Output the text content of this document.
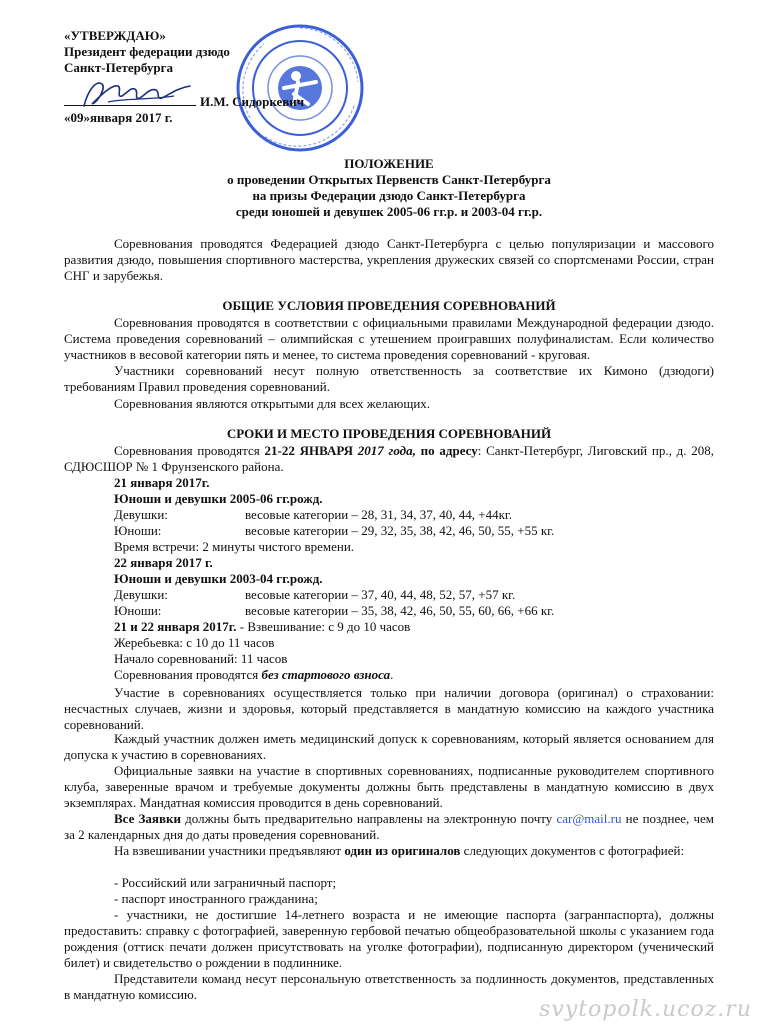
«УТВЕРЖДАЮ»
Президент федерации дзюдо
Санкт-Петербурга
И.М. Сидоркевич
«09»января 2017 г.
ПОЛОЖЕНИЕ
о проведении Открытых Первенств Санкт-Петербурга
на призы Федерации дзюдо Санкт-Петербурга
среди юношей и девушек 2005-06 гг.р. и 2003-04 гг.р.

Соревнования проводятся Федерацией дзюдо Санкт-Петербурга с целью популяризации и массового развития дзюдо, повышения спортивного мастерства, укрепления дружеских связей со спортсменами России, стран СНГ и зарубежья.

ОБЩИЕ УСЛОВИЯ ПРОВЕДЕНИЯ СОРЕВНОВАНИЙ

Соревнования проводятся в соответствии с официальными правилами Международной федерации дзюдо. Система проведения соревнований – олимпийская с утешением проигравших полуфиналистам. Если количество участников в весовой категории пять и менее, то система проведения соревнований - круговая.

Участники соревнований несут полную ответственность за соответствие их Кимоно (дзюдоги) требованиям Правил проведения соревнований.

Соревнования являются открытыми для всех желающих.

СРОКИ И МЕСТО ПРОВЕДЕНИЯ СОРЕВНОВАНИЙ

Соревнования проводятся 21-22 ЯНВАРЯ 2017 года, по адресу: Санкт-Петербург, Лиговский пр., д. 208, СДЮСШОР № 1 Фрунзенского района.

21 января 2017г.
Юноши и девушки 2005-06 гг.рожд.
Девушки:	весовые категории – 28, 31, 34, 37, 40, 44, +44кг.
Юноши:	весовые категории – 29, 32, 35, 38, 42, 46, 50, 55, +55 кг.
Время встречи: 2 минуты чистого времени.
22 января 2017 г.
Юноши и девушки 2003-04 гг.рожд.
Девушки:	весовые категории – 37, 40, 44, 48, 52, 57, +57 кг.
Юноши:	весовые категории – 35, 38, 42, 46, 50, 55, 60, 66, +66 кг.
21 и 22 января 2017г. - Взвешивание: с 9 до 10 часов
Жеребьевка: с 10 до 11 часов
Начало соревнований: 11 часов
Соревнования проводятся без стартового взноса.

Участие в соревнованиях осуществляется только при наличии договора (оригинал) о страховании: несчастных случаев, жизни и здоровья, который представляется в мандатную комиссию на каждого участника соревнований.

Каждый участник должен иметь медицинский допуск к соревнованиям, который является основанием для допуска к участию в соревнованиях.

Официальные заявки на участие в спортивных соревнованиях, подписанные руководителем спортивного клуба, заверенные врачом и требуемые документы должны быть представлены в мандатную комиссию в двух экземплярах. Мандатная комиссия проводится в день соревнований.

Все Заявки должны быть предварительно направлены на электронную почту car@mail.ru не позднее, чем за 2 календарных дня до даты проведения соревнований.

На взвешивании участники предъявляют один из оригиналов следующих документов с фотографией:

- Российский или заграничный паспорт;

- паспорт иностранного гражданина;

- участники, не достигшие 14-летнего возраста и не имеющие паспорта (загранпаспорта), должны предоставить: справку с фотографией, заверенную гербовой печатью общеобразовательной школы с указанием года рождения (оттиск печати должен присутствовать на уголке фотографии), подписанную директором (ученический билет) и свидетельство о рождении в подлиннике.

Представители команд несут персональную ответственность за подлинность документов, представленных в мандатную комиссию.

svytopolk.ucoz.ru
